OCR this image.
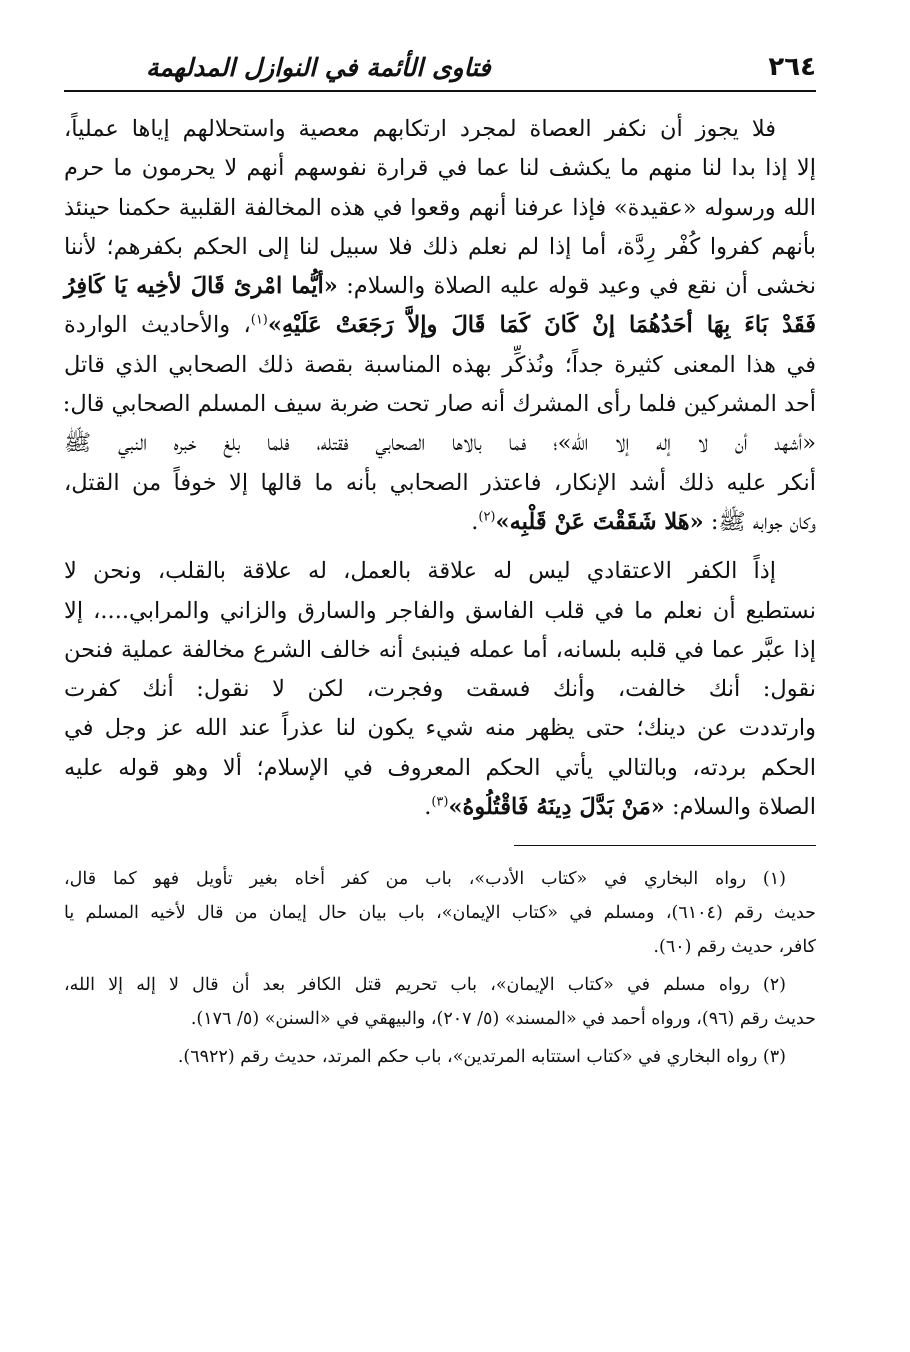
٢٦٤
فتاوى الأئمة في النوازل المدلهمة

فلا يجوز أن نكفر العصاة لمجرد ارتكابهم معصية واستحلالهم إياها عملياً،
إلا إذا بدا لنا منهم ما يكشف لنا عما في قرارة نفوسهم أنهم لا يحرمون ما حرم
الله ورسوله «عقيدة» فإذا عرفنا أنهم وقعوا في هذه المخالفة القلبية حكمنا حينئذ
بأنهم كفروا كُفْر رِدَّة، أما إذا لم نعلم ذلك فلا سبيل لنا إلى الحكم بكفرهم؛ لأننا
نخشى أن نقع في وعيد قوله عليه الصلاة والسلام: «أيُّما امْرئ قَالَ لأخِيه يَا كَافِرُ
فَقَدْ بَاءَ بِهَا أحَدُهُمَا إنْ كَانَ كَمَا قَالَ وإلاَّ رَجَعَتْ عَلَيْهِ»$^{(١)}$، والأحاديث الواردة
في هذا المعنى كثيرة جداً؛ ونُذكِّر بهذه المناسبة بقصة ذلك الصحابي الذي قاتل
أحد المشركين فلما رأى المشرك أنه صار تحت ضربة سيف المسلم الصحابي قال:
«أشهد أن لا إله إلا الله»؛ فما بالاها الصحابي فقتله، فلما بلغ خبره النبي ﷺ
أنكر عليه ذلك أشد الإنكار، فاعتذر الصحابي بأنه ما قالها إلا خوفاً من القتل،
وكان جوابه ﷺ: «هَلا شَقَقْتَ عَنْ قَلْبِه»$^{(٢)}$.

إذاً الكفر الاعتقادي ليس له علاقة بالعمل، له علاقة بالقلب، ونحن لا
نستطيع أن نعلم ما في قلب الفاسق والفاجر والسارق والزاني والمرابي....، إلا
إذا عبَّر عما في قلبه بلسانه، أما عمله فينبئ أنه خالف الشرع مخالفة عملية فنحن
نقول: أنك خالفت، وأنك فسقت وفجرت، لكن لا نقول: أنك كفرت
وارتددت عن دينك؛ حتى يظهر منه شيء يكون لنا عذراً عند الله عز وجل في
الحكم بردته، وبالتالي يأتي الحكم المعروف في الإسلام؛ ألا وهو قوله عليه
الصلاة والسلام: «مَنْ بَدَّلَ دِينَهُ فَاقْتُلُوهُ»$^{(٣)}$.

(١) رواه البخاري في «كتاب الأدب»، باب من كفر أخاه بغير تأويل فهو كما قال،
حديث رقم (٦١٠٤)، ومسلم في «كتاب الإيمان»، باب بيان حال إيمان من قال لأخيه المسلم يا
كافر، حديث رقم (٦٠).
(٢) رواه مسلم في «كتاب الإيمان»، باب تحريم قتل الكافر بعد أن قال لا إله إلا الله،
حديث رقم (٩٦)، ورواه أحمد في «المسند» (٥/ ٢٠٧)، والبيهقي في «السنن» (٥/ ١٧٦).
(٣) رواه البخاري في «كتاب استتابه المرتدين»، باب حكم المرتد، حديث رقم (٦٩٢٢).
